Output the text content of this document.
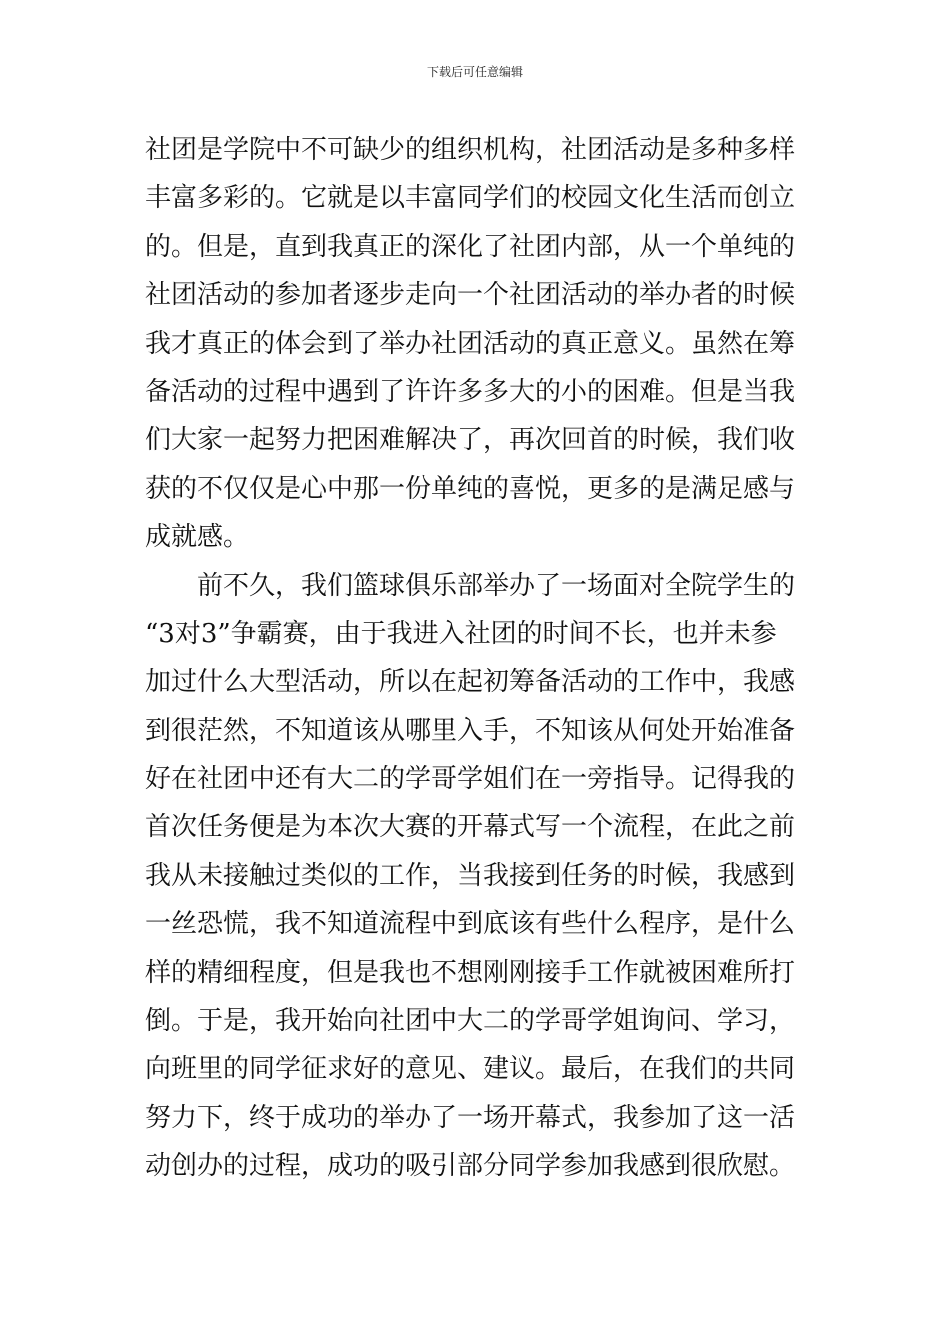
下载后可任意编辑
社团是学院中不可缺少的组织机构，社团活动是多种多样
丰富多彩的。它就是以丰富同学们的校园文化生活而创立
的。但是，直到我真正的深化了社团内部，从一个单纯的
社团活动的参加者逐步走向一个社团活动的举办者的时候
我才真正的体会到了举办社团活动的真正意义。虽然在筹
备活动的过程中遇到了许许多多大的小的困难。但是当我
们大家一起努力把困难解决了，再次回首的时候，我们收
获的不仅仅是心中那一份单纯的喜悦，更多的是满足感与
成就感。
　　前不久，我们篮球俱乐部举办了一场面对全院学生的
“3对3”争霸赛，由于我进入社团的时间不长，也并未参
加过什么大型活动，所以在起初筹备活动的工作中，我感
到很茫然，不知道该从哪里入手，不知该从何处开始准备
好在社团中还有大二的学哥学姐们在一旁指导。记得我的
首次任务便是为本次大赛的开幕式写一个流程，在此之前
我从未接触过类似的工作，当我接到任务的时候，我感到
一丝恐慌，我不知道流程中到底该有些什么程序，是什么
样的精细程度，但是我也不想刚刚接手工作就被困难所打
倒。于是，我开始向社团中大二的学哥学姐询问、学习，
向班里的同学征求好的意见、建议。最后，在我们的共同
努力下，终于成功的举办了一场开幕式，我参加了这一活
动创办的过程，成功的吸引部分同学参加我感到很欣慰。
